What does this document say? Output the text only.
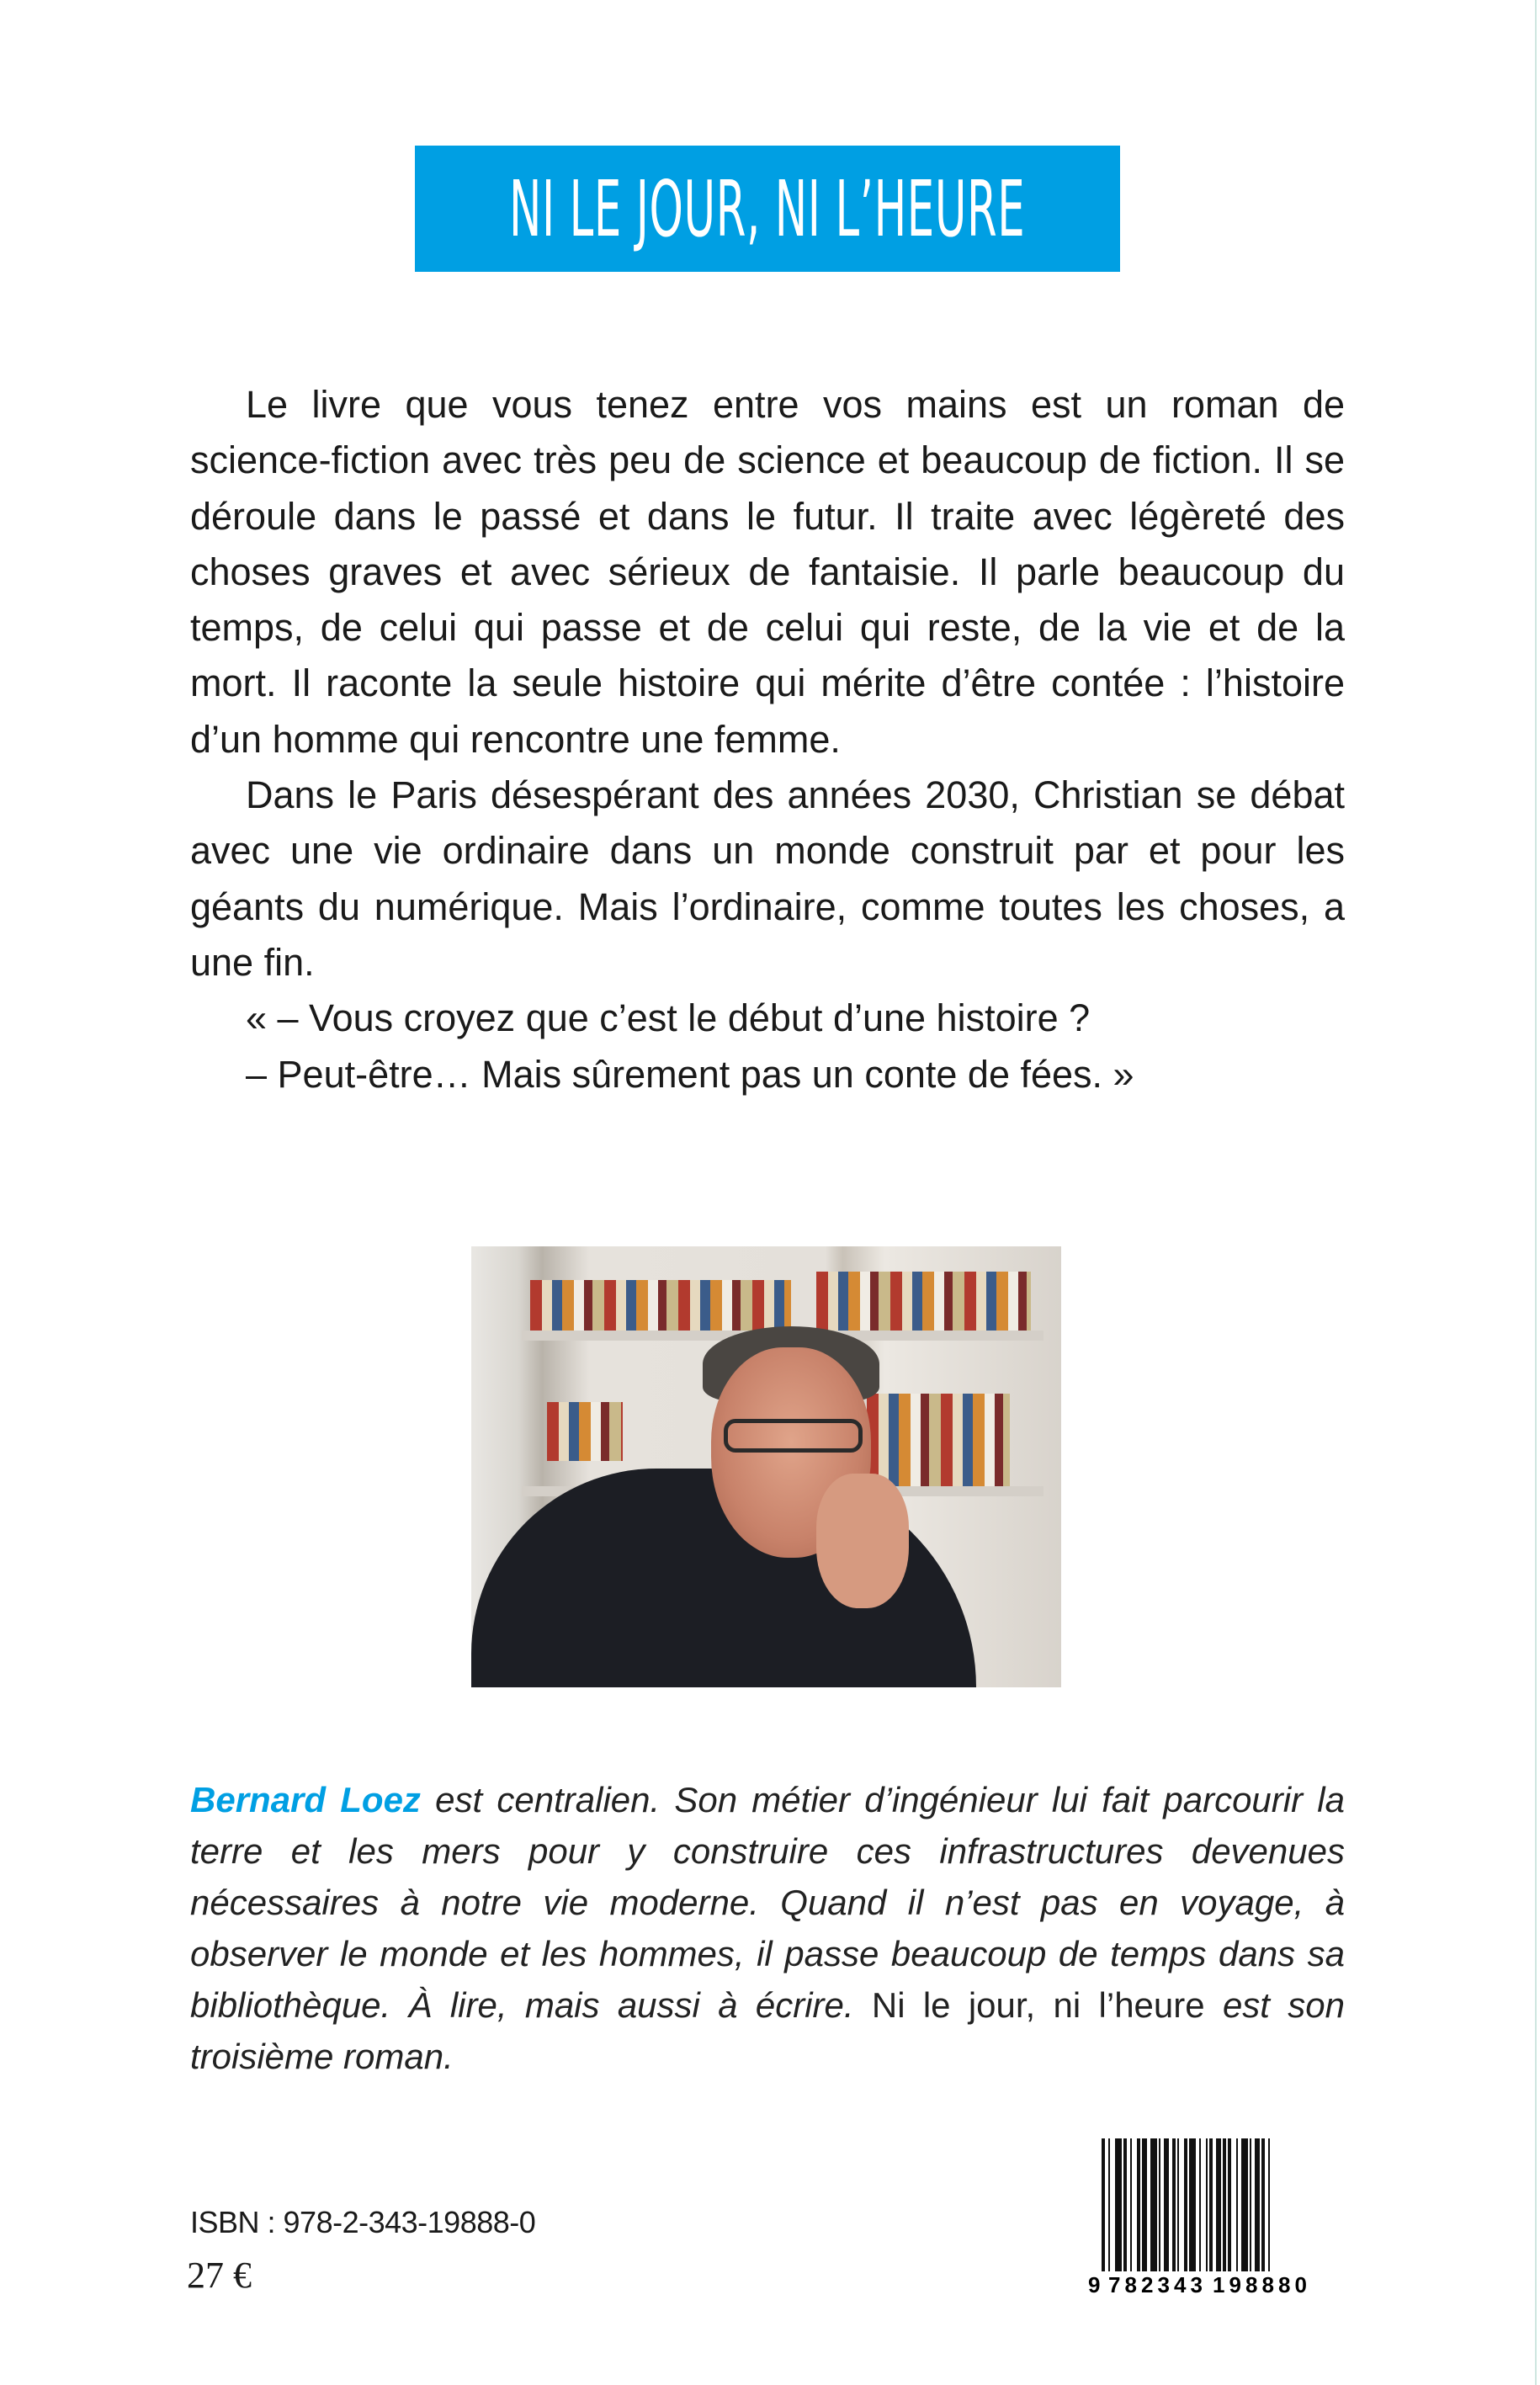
NI LE JOUR, NI L’HEURE

Le livre que vous tenez entre vos mains est un roman de science-fiction avec très peu de science et beaucoup de fiction. Il se déroule dans le passé et dans le futur. Il traite avec légèreté des choses graves et avec sérieux de fantaisie. Il parle beaucoup du temps, de celui qui passe et de celui qui reste, de la vie et de la mort. Il raconte la seule histoire qui mérite d’être contée : l’histoire d’un homme qui rencontre une femme.

Dans le Paris désespérant des années 2030, Christian se débat avec une vie ordinaire dans un monde construit par et pour les géants du numérique. Mais l’ordinaire, comme toutes les choses, a une fin.

« – Vous croyez que c’est le début d’une histoire ?

– Peut-être… Mais sûrement pas un conte de fées. »

Bernard Loez est centralien. Son métier d’ingénieur lui fait parcourir la terre et les mers pour y construire ces infrastructures devenues nécessaires à notre vie moderne. Quand il n’est pas en voyage, à observer le monde et les hommes, il passe beaucoup de temps dans sa bibliothèque. À lire, mais aussi à écrire. Ni le jour, ni l’heure est son troisième roman.
ISBN : 978-2-343-19888-0
27 €	9 782343 198880
